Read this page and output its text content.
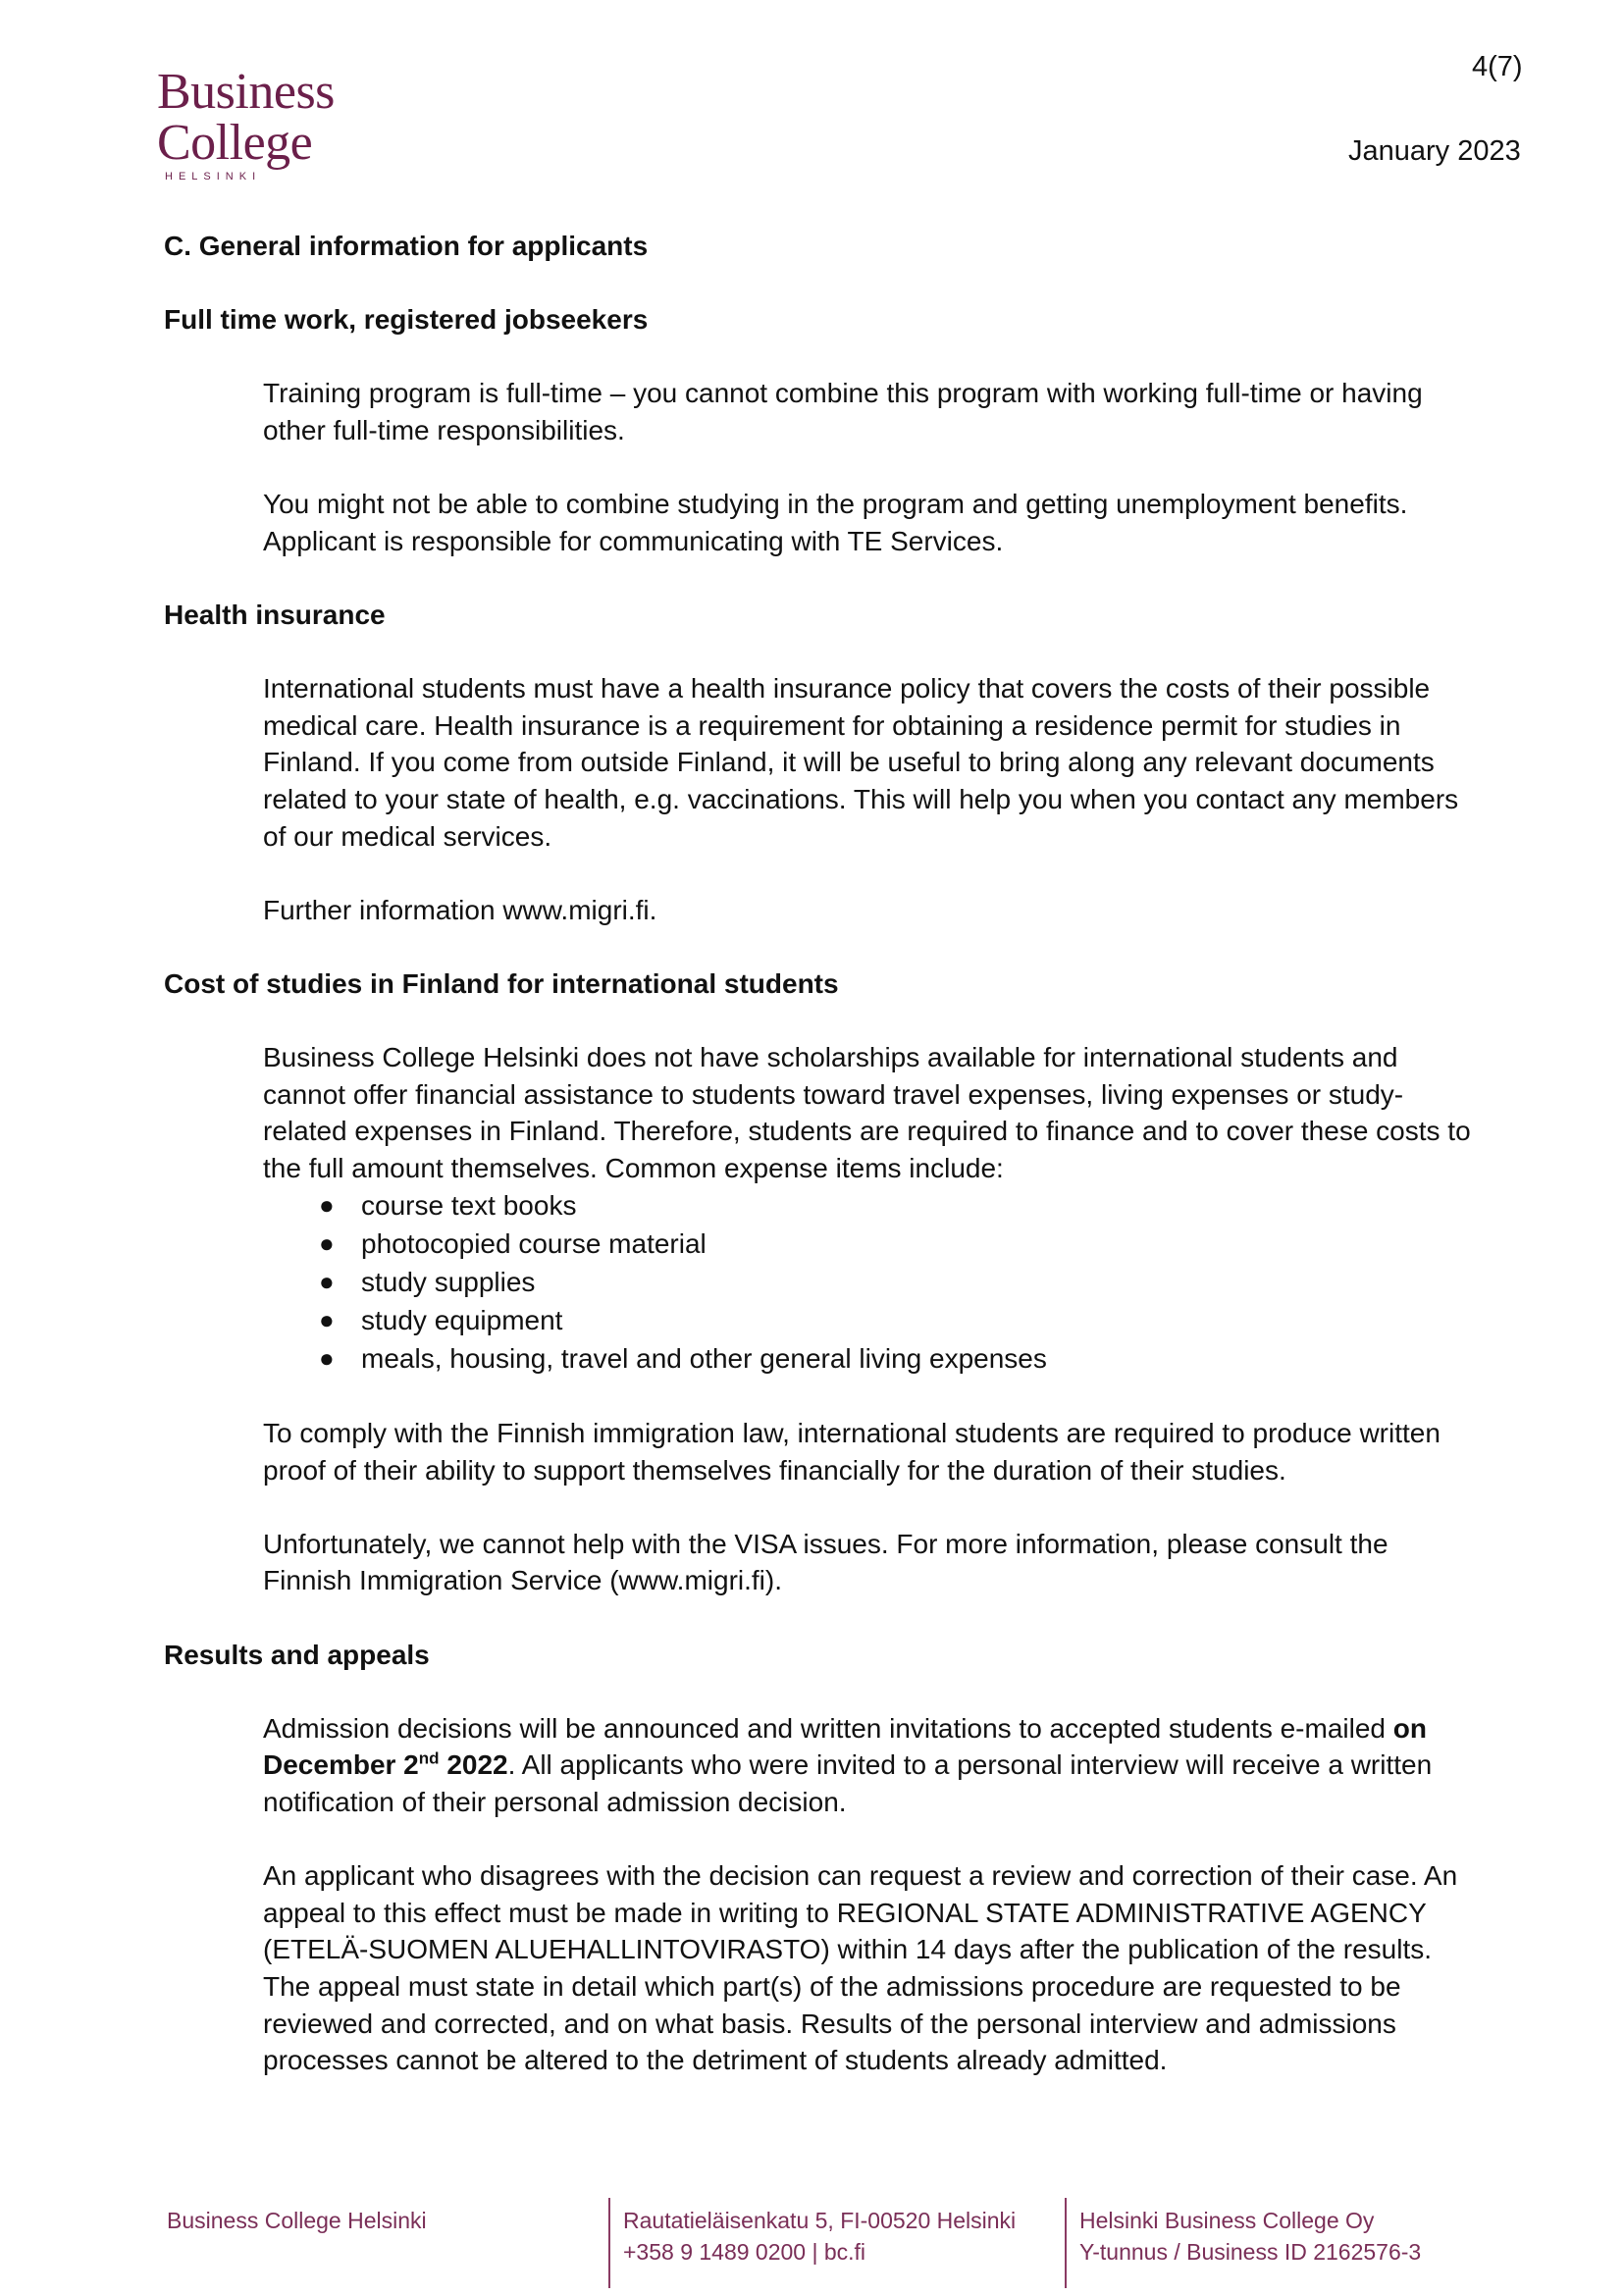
Business
College
HELSINKI
4(7)
January 2023
C. General information for applicants
Full time work, registered jobseekers

Training program is full-time – you cannot combine this program with working full-time or having other full-time responsibilities.

You might not be able to combine studying in the program and getting unemployment benefits. Applicant is responsible for communicating with TE Services.

Health insurance

International students must have a health insurance policy that covers the costs of their possible medical care. Health insurance is a requirement for obtaining a residence permit for studies in Finland. If you come from outside Finland, it will be useful to bring along any relevant documents related to your state of health, e.g. vaccinations. This will help you when you contact any members of our medical services.

Further information www.migri.fi.

Cost of studies in Finland for international students

Business College Helsinki does not have scholarships available for international students and cannot offer financial assistance to students toward travel expenses, living expenses or study-related expenses in Finland. Therefore, students are required to finance and to cover these costs to the full amount themselves. Common expense items include:

● course text books
● photocopied course material
● study supplies
● study equipment
● meals, housing, travel and other general living expenses

To comply with the Finnish immigration law, international students are required to produce written proof of their ability to support themselves financially for the duration of their studies.

Unfortunately, we cannot help with the VISA issues. For more information, please consult the Finnish Immigration Service (www.migri.fi).

Results and appeals

Admission decisions will be announced and written invitations to accepted students e-mailed on December 2nd 2022. All applicants who were invited to a personal interview will receive a written notification of their personal admission decision.

An applicant who disagrees with the decision can request a review and correction of their case. An appeal to this effect must be made in writing to REGIONAL STATE ADMINISTRATIVE AGENCY (ETELÄ-SUOMEN ALUEHALLINTOVIRASTO) within 14 days after the publication of the results. The appeal must state in detail which part(s) of the admissions procedure are requested to be reviewed and corrected, and on what basis. Results of the personal interview and admissions processes cannot be altered to the detriment of students already admitted.

Business College Helsinki	Rautatieläisenkatu 5, FI-00520 Helsinki
+358 9 1489 0200 | bc.fi
Helsinki Business College Oy
Y-tunnus / Business ID 2162576-3
